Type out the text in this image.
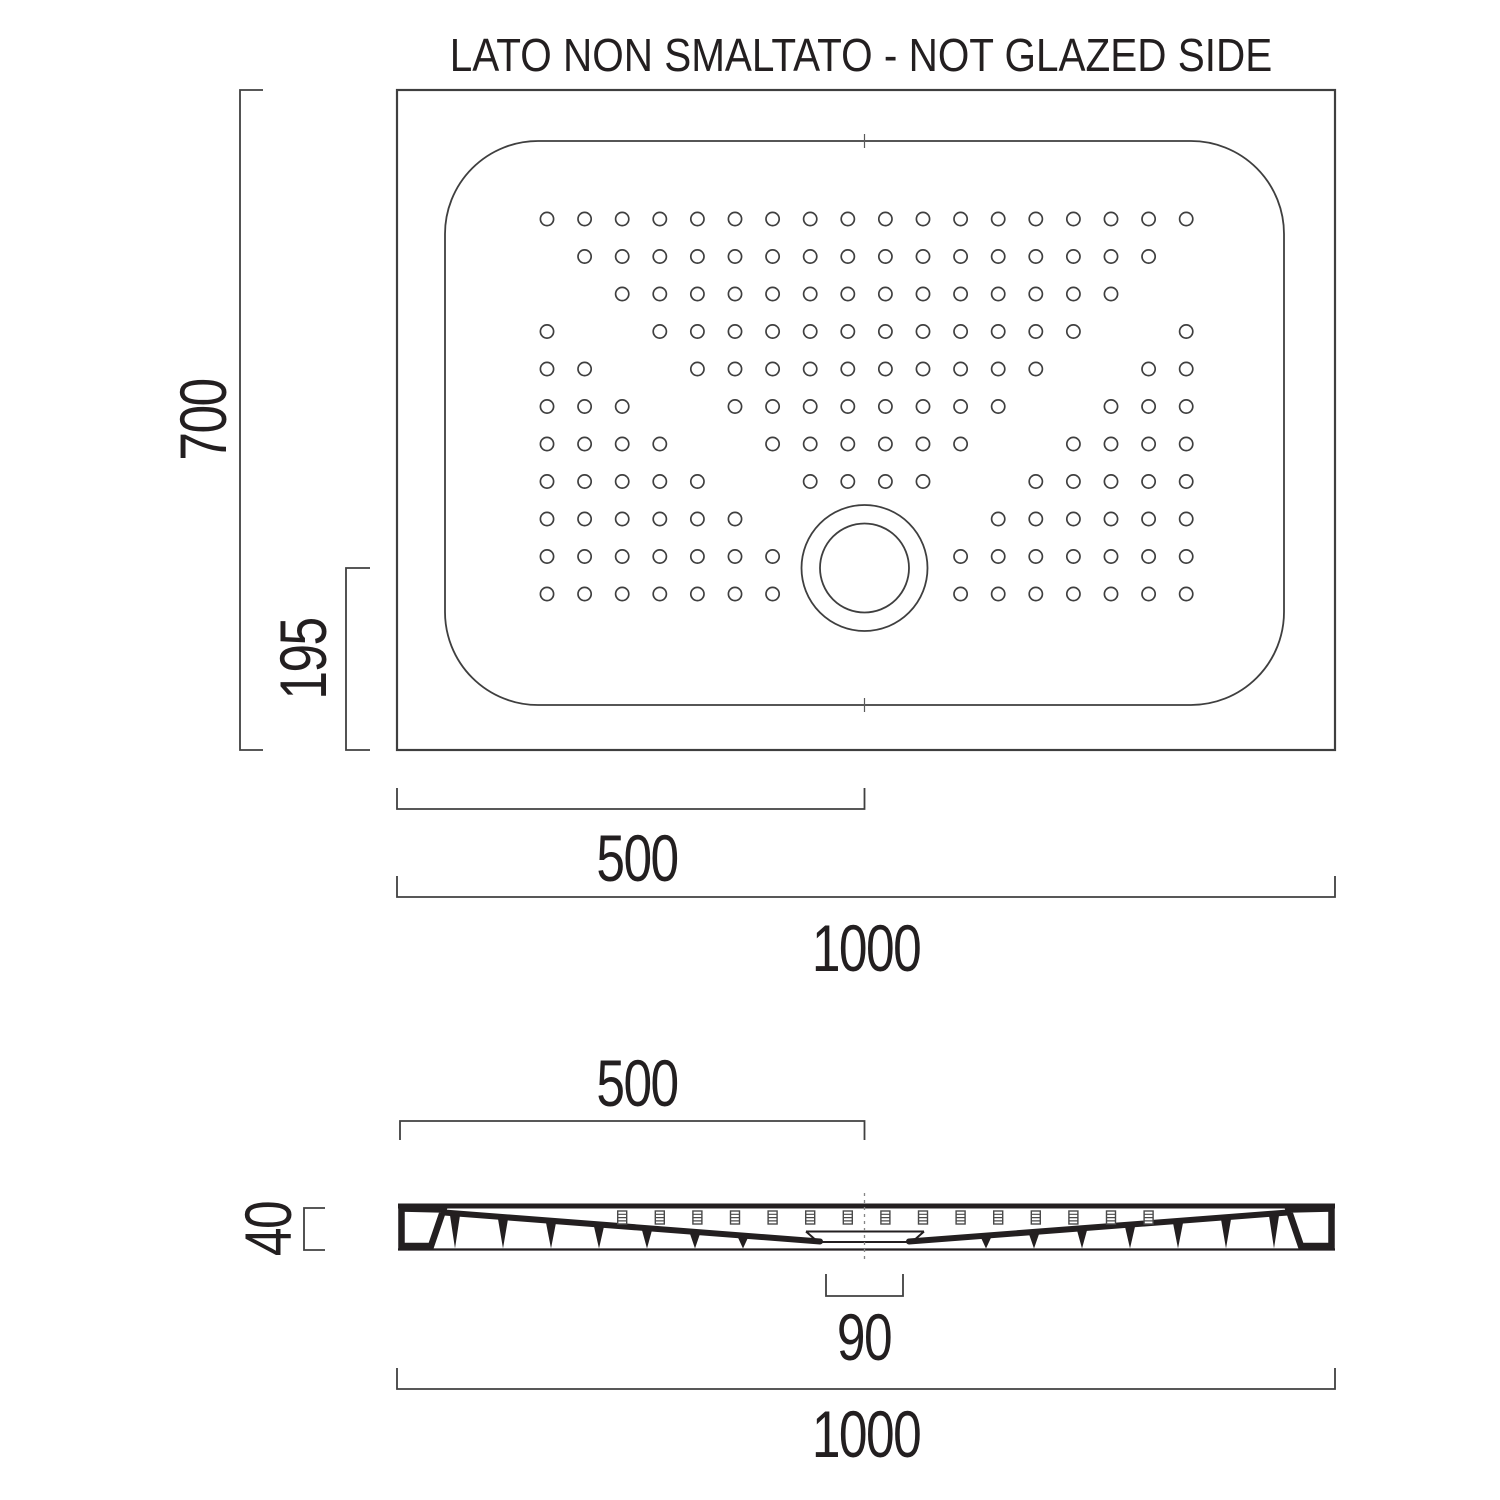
LATO NON SMALTATO - NOT GLAZED SIDE
700
195
500
1000
500
40
90
1000
